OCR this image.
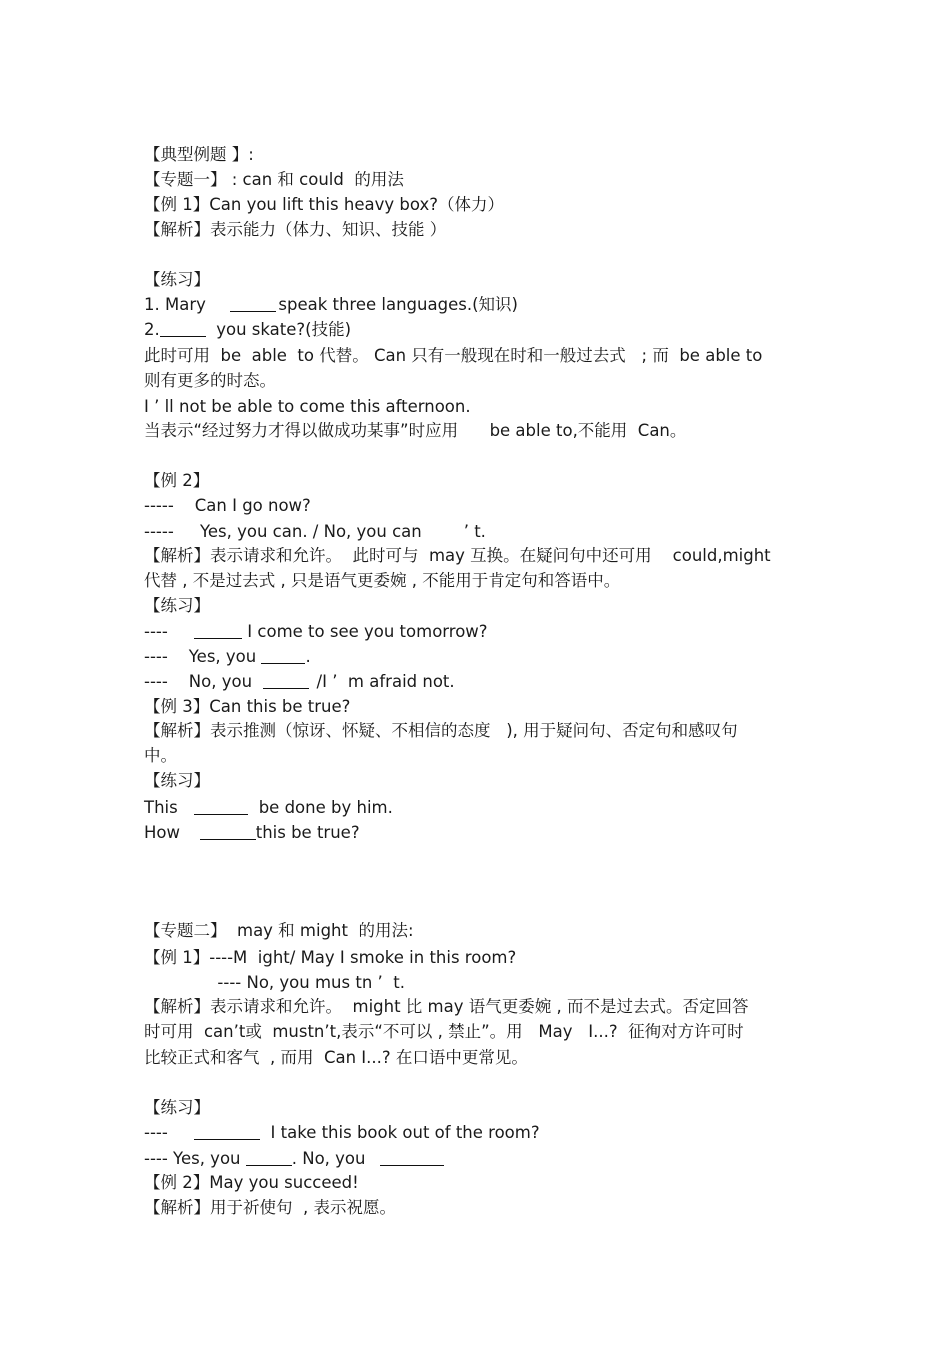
【典型例题 】:
【专题一】 : can 和 could  的用法
【例 1】Can you lift this heavy box?（体力）
【解析】表示能力（体力、知识、技能 ）
【练习】
1. Mary	speak three languages.(知识)
2.	you skate?(技能)
此时可用  be  able  to 代替。 Can 只有一般现在时和一般过去式   ; 而  be able to
则有更多的时态。
I ’ ll not be able to come this afternoon.
当表示“经过努力才得以做成功某事”时应用      be able to,不能用  Can。
【例 2】
-----    Can I go now?
-----     Yes, you can. / No, you can        ’ t.
【解析】表示请求和允许。  此时可与  may 互换。在疑问句中还可用    could,might
代替 , 不是过去式 , 只是语气更委婉 , 不能用于肯定句和答语中。
【练习】
----	I come to see you tomorrow?
----    Yes, you	.
----    No, you	/I ’  m afraid not.
【例 3】Can this be true?
【解析】表示推测（惊讶、怀疑、不相信的态度   ), 用于疑问句、否定句和感叹句
中。
【练习】
This	be done by him.
How	this be true?
【专题二】  may 和 might  的用法:
【例 1】----M  ight/ May I smoke in this room?
---- No, you mus tn ’  t.
【解析】表示请求和允许。  might 比 may 语气更委婉 , 而不是过去式。否定回答
时可用  can’t或  mustn’t,表示“不可以 , 禁止”。用   May   I...?  征徇对方许可时
比较正式和客气  , 而用  Can I...? 在口语中更常见。
【练习】
----	I take this book out of the room?
---- Yes, you	. No, you
【例 2】May you succeed!
【解析】用于祈使句  , 表示祝愿。
